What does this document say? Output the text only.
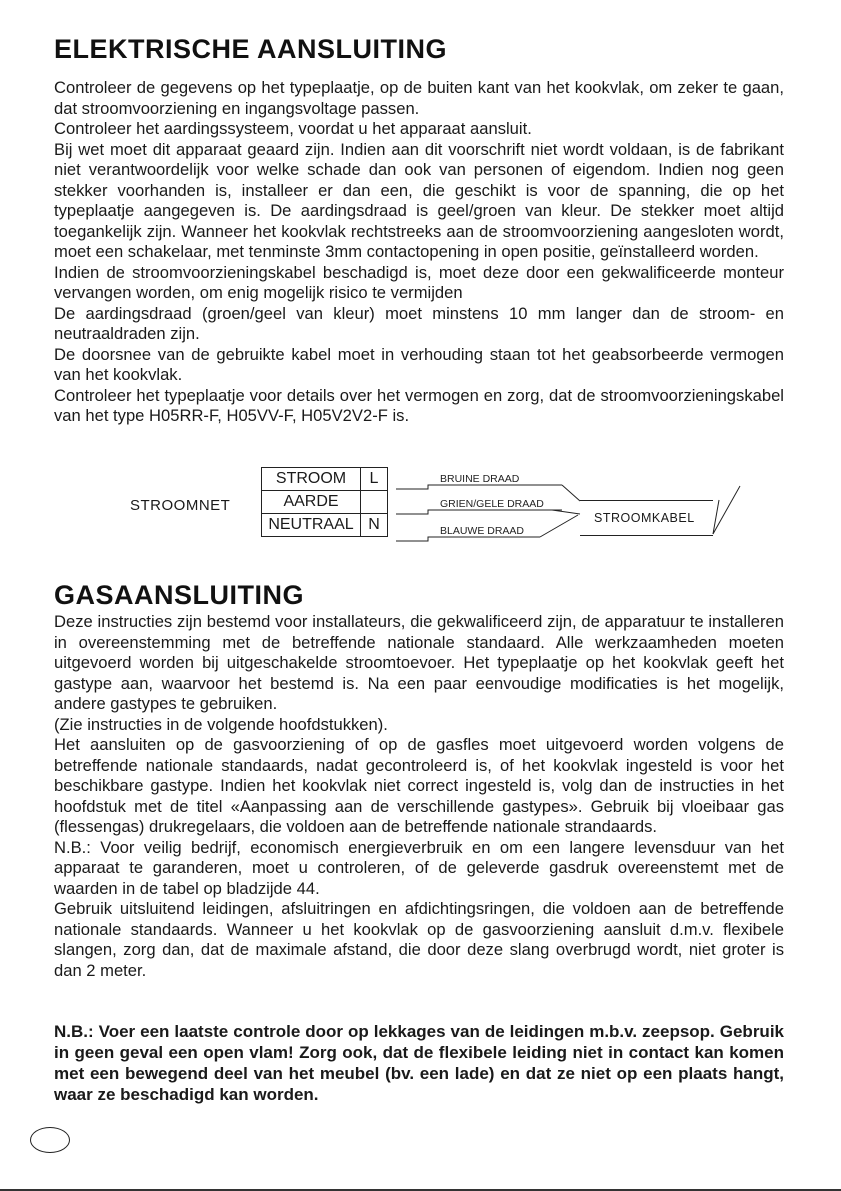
ELEKTRISCHE AANSLUITING

Controleer de gegevens op het typeplaatje, op de buiten kant van het kookvlak, om zeker te gaan, dat stroomvoorziening en ingangsvoltage passen.

Controleer het aardingssysteem, voordat u het apparaat aansluit.

Bij wet moet dit apparaat geaard zijn. Indien aan dit voorschrift niet wordt voldaan, is de fabrikant niet verantwoordelijk voor welke schade dan ook van personen of eigendom. Indien nog geen stekker voorhanden is, installeer er dan een, die geschikt is voor de spanning, die op het typeplaatje aangegeven is. De aardingsdraad is geel/groen van kleur. De stekker moet altijd toegankelijk zijn. Wanneer het kookvlak rechtstreeks aan de stroomvoorziening aangesloten wordt, moet een schakelaar, met tenminste 3mm contactopening in open positie, geïnstalleerd worden.

Indien de stroomvoorzieningskabel beschadigd is, moet deze door een gekwalificeerde monteur vervangen worden, om enig mogelijk risico te vermijden

De aardingsdraad (groen/geel van kleur) moet minstens 10 mm langer dan de stroom- en neutraaldraden zijn.

De doorsnee van de gebruikte kabel moet in verhouding staan tot het geabsorbeerde vermogen van het kookvlak.

Controleer het typeplaatje voor details over het vermogen en zorg, dat de stroomvoorzieningskabel van het type H05RR-F, H05VV-F, H05V2V2-F is.

GASAANSLUITING

Deze instructies zijn bestemd voor installateurs, die gekwalificeerd zijn, de apparatuur te installeren in overeenstemming met de betreffende nationale standaard. Alle werkzaamheden moeten uitgevoerd worden bij uitgeschakelde stroomtoevoer. Het typeplaatje op het kookvlak geeft het gastype aan, waarvoor het bestemd is. Na een paar eenvoudige modificaties is het mogelijk, andere gastypes te gebruiken.

(Zie instructies in de volgende hoofdstukken).

Het aansluiten op de gasvoorziening of op de gasfles moet uitgevoerd worden volgens de betreffende nationale standaards, nadat gecontroleerd is, of het kookvlak ingesteld is voor het beschikbare gastype. Indien het kookvlak niet correct ingesteld is, volg dan de instructies in het hoofdstuk met de titel «Aanpassing aan de verschillende gastypes». Gebruik bij vloeibaar gas (flessengas) drukregelaars, die voldoen aan de betreffende nationale strandaards.

N.B.: Voor veilig bedrijf, economisch energieverbruik en om een langere levensduur van het apparaat te garanderen, moet u controleren, of de geleverde gasdruk overeenstemt met de waarden in de tabel op bladzijde 44.

Gebruik uitsluitend leidingen, afsluitringen en afdichtingsringen, die voldoen aan de betreffende nationale standaards. Wanneer u het kookvlak op de gasvoorziening aansluit d.m.v. flexibele slangen, zorg dan, dat de maximale afstand, die door deze slang overbrugd wordt, niet groter is dan 2 meter.

N.B.: Voer een laatste controle door op lekkages van de leidingen m.b.v. zeepsop. Gebruik in geen geval een open vlam! Zorg ook, dat de flexibele leiding niet in contact kan komen met een bewegend deel van het meubel (bv. een lade) en dat ze niet op een plaats hangt, waar ze beschadigd kan worden.

STROOMNET
STROOM	L
AARDE	
NEUTRAAL	N
BRUINE DRAAD
GRIEN/GELE DRAAD
BLAUWE DRAAD
STROOMKABEL
